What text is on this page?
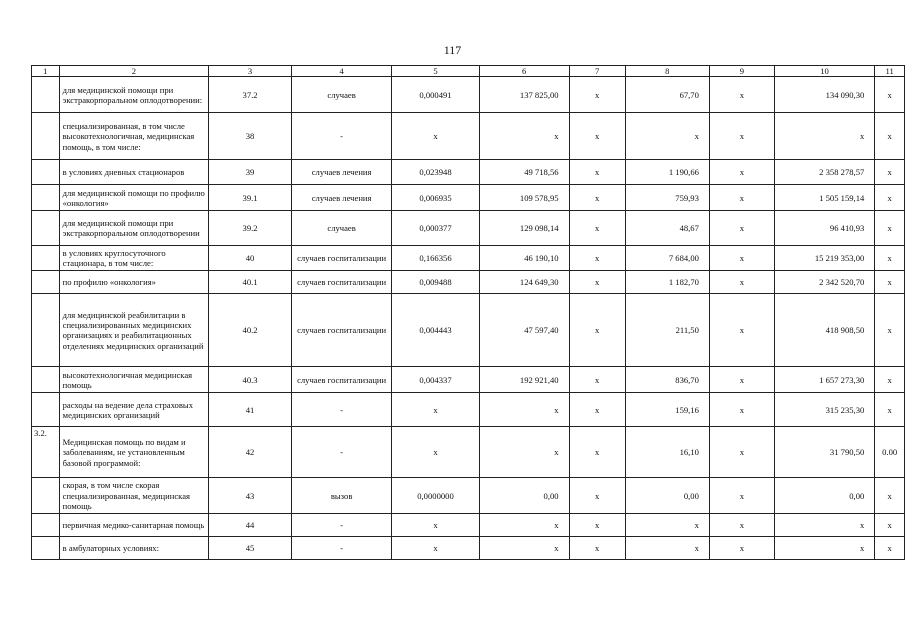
117
1	2	3	4	5	6	7	8	9	10	11
	для медицинской помощи при экстракорпоральном оплодотворении:	37.2	случаев	0,000491	137 825,00	x	67,70	x	134 090,30	x
	специализированная, в том числе высокотехнологичная, медицинская помощь, в том числе:	38	-	x	x	x	x	x	x	x
	в условиях дневных стационаров	39	случаев лечения	0,023948	49 718,56	x	1 190,66	x	2 358 278,57	x
	для медицинской помощи по профилю «онкология»	39.1	случаев лечения	0,006935	109 578,95	x	759,93	x	1 505 159,14	x
	для медицинской помощи при экстракорпоральном оплодотворении	39.2	случаев	0,000377	129 098,14	x	48,67	x	96 410,93	x
	в условиях круглосуточного стационара, в том числе:	40	случаев госпитализации	0,166356	46 190,10	x	7 684,00	x	15 219 353,00	x
	по профилю «онкология»	40.1	случаев госпитализации	0,009488	124 649,30	x	1 182,70	x	2 342 520,70	x
	для медицинской реабилитации в специализированных медицинских организациях и реабилитационных отделениях медицинских организаций	40.2	случаев госпитализации	0,004443	47 597,40	x	211,50	x	418 908,50	x
	высокотехнологичная медицинская помощь	40.3	случаев госпитализации	0,004337	192 921,40	x	836,70	x	1 657 273,30	x
	расходы на ведение дела страховых медицинских организаций	41	-	x	x	x	159,16	x	315 235,30	x
3.2.	Медицинская помощь по видам и заболеваниям, не установленным базовой программой:	42	-	x	x	x	16,10	x	31 790,50	0.00
	скорая, в том числе скорая специализированная, медицинская помощь	43	вызов	0,0000000	0,00	x	0,00	x	0,00	x
	первичная медико-санитарная помощь	44	-	x	x	x	x	x	x	x
	в амбулаторных условиях:	45	-	x	x	x	x	x	x	x
